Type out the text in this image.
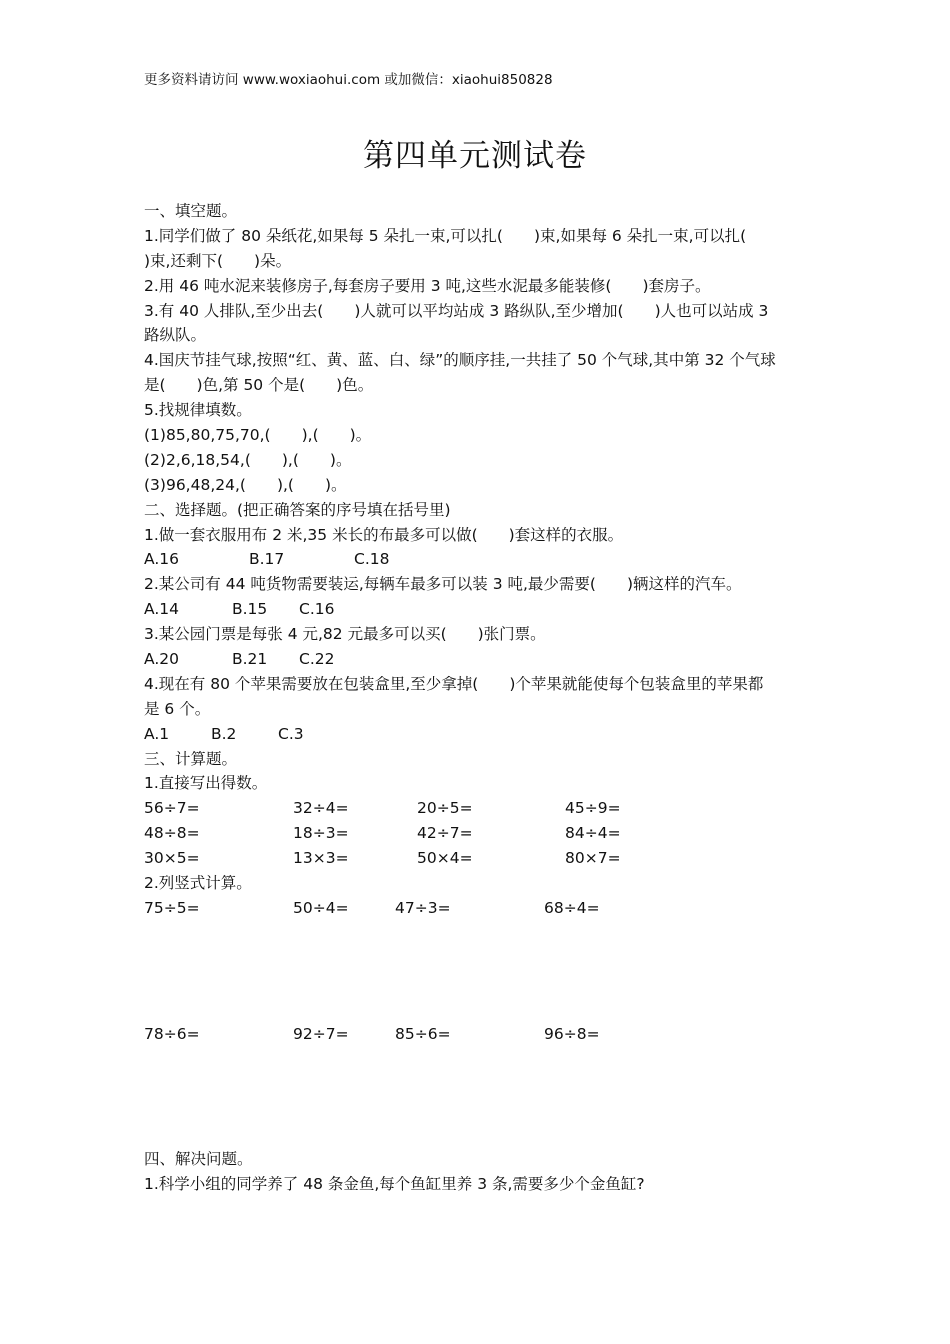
更多资料请访问 www.woxiaohui.com 或加微信：xiaohui850828
第四单元测试卷
一、填空题。
1.同学们做了 80 朵纸花,如果每 5 朵扎一束,可以扎(　　)束,如果每 6 朵扎一束,可以扎(
)束,还剩下(　　)朵。
2.用 46 吨水泥来装修房子,每套房子要用 3 吨,这些水泥最多能装修(　　)套房子。
3.有 40 人排队,至少出去(　　)人就可以平均站成 3 路纵队,至少增加(　　)人也可以站成 3
路纵队。
4.国庆节挂气球,按照“红、黄、蓝、白、绿”的顺序挂,一共挂了 50 个气球,其中第 32 个气球
是(　　)色,第 50 个是(　　)色。
5.找规律填数。
(1)85,80,75,70,(　　),(　　)。
(2)2,6,18,54,(　　),(　　)。
(3)96,48,24,(　　),(　　)。
二、选择题。(把正确答案的序号填在括号里)
1.做一套衣服用布 2 米,35 米长的布最多可以做(　　)套这样的衣服。
A.16	B.17	C.18
2.某公司有 44 吨货物需要装运,每辆车最多可以装 3 吨,最少需要(　　)辆这样的汽车。
A.14	B.15 C.16
3.某公园门票是每张 4 元,82 元最多可以买(　　)张门票。
A.20	B.21 C.22
4.现在有 80 个苹果需要放在包装盒里,至少拿掉(　　)个苹果就能使每个包装盒里的苹果都
是 6 个。
A.1	B.2	C.3
三、计算题。
1.直接写出得数。
56÷7=	32÷4=	20÷5=	45÷9=
48÷8=	18÷3=	42÷7=	84÷4=
30×5=	13×3=	50×4=	80×7=
2.列竖式计算。
75÷5=	50÷4=	47÷3=	68÷4=
78÷6=	92÷7=	85÷6=	96÷8=
四、解决问题。
1.科学小组的同学养了 48 条金鱼,每个鱼缸里养 3 条,需要多少个金鱼缸?
